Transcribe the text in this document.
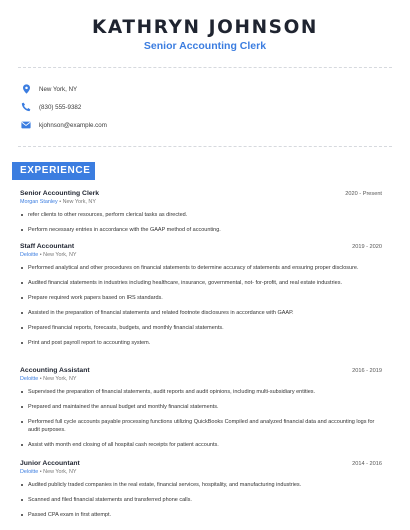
KATHRYN JOHNSON
Senior Accounting Clerk
New York, NY
(830) 555-9382
kjohnson@example.com
EXPERIENCE
Senior Accounting Clerk	2020 - Present
Morgan Stanley • New York, NY
refer clients to other resources, perform clerical tasks as directed.
Perform necessary entries in accordance with the GAAP method of accounting.
Staff Accountant	2019 - 2020
Deloitte • New York, NY
Performed analytical and other procedures on financial statements to determine accuracy of statements and ensuring proper disclosure.
Audited financial statements in industries including healthcare, insurance, governmental, not- for-profit, and real estate industries.
Prepare required work papers based on IRS standards.
Assisted in the preparation of financial statements and related footnote disclosures in accordance with GAAP.
Prepared financial reports, forecasts, budgets, and monthly financial statements.
Print and post payroll report to accounting system.
Accounting Assistant	2016 - 2019
Deloitte • New York, NY
Supervised the preparation of financial statements, audit reports and audit opinions, including multi-subsidiary entities.
Prepared and maintained the annual budget and monthly financial statements.
Performed full cycle accounts payable processing functions utilizing QuickBooks Compiled and analyzed financial data and accounting logs for audit purposes.
Assist with month end closing of all hospital cash receipts for patient accounts.
Junior Accountant	2014 - 2016
Deloitte • New York, NY
Audited publicly traded companies in the real estate, financial services, hospitality, and manufacturing industries.
Scanned and filed financial statements and transferred phone calls.
Passed CPA exam in first attempt.
